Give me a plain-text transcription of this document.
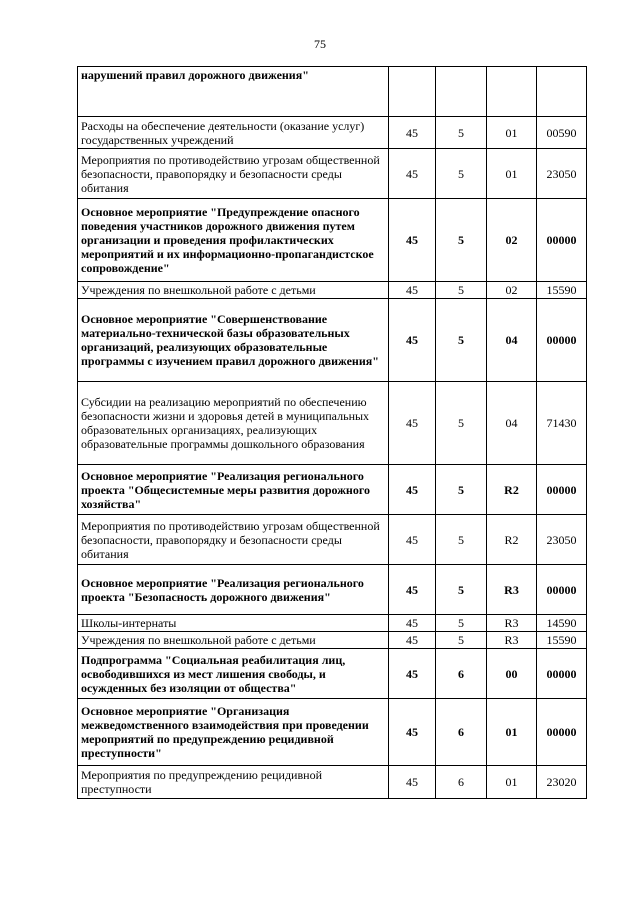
75
нарушений правил дорожного движения"				
Расходы на обеспечение деятельности (оказание услуг) государственных учреждений	45	5	01	00590
Мероприятия по противодействию угрозам общественной безопасности, правопорядку и безопасности среды обитания	45	5	01	23050
Основное мероприятие "Предупреждение опасного поведения участников дорожного движения путем организации и проведения профилактических мероприятий и их информационно-пропагандистское сопровождение"	45	5	02	00000
Учреждения по внешкольной работе с детьми	45	5	02	15590
Основное мероприятие "Совершенствование материально-технической базы образовательных организаций, реализующих образовательные программы с изучением правил дорожного движения"	45	5	04	00000
Субсидии на реализацию мероприятий по обеспечению безопасности жизни и здоровья детей в муниципальных образовательных организациях, реализующих образовательные программы дошкольного образования	45	5	04	71430
Основное мероприятие "Реализация регионального проекта "Общесистемные меры развития дорожного хозяйства"	45	5	R2	00000
Мероприятия по противодействию угрозам общественной безопасности, правопорядку и безопасности среды обитания	45	5	R2	23050
Основное мероприятие "Реализация регионального проекта "Безопасность дорожного движения"	45	5	R3	00000
Школы-интернаты	45	5	R3	14590
Учреждения по внешкольной работе с детьми	45	5	R3	15590
Подпрограмма "Социальная реабилитация лиц, освободившихся из мест лишения свободы, и осужденных без изоляции от общества"	45	6	00	00000
Основное мероприятие "Организация межведомственного взаимодействия при проведении мероприятий по предупреждению рецидивной преступности"	45	6	01	00000
Мероприятия по предупреждению рецидивной преступности	45	6	01	23020
